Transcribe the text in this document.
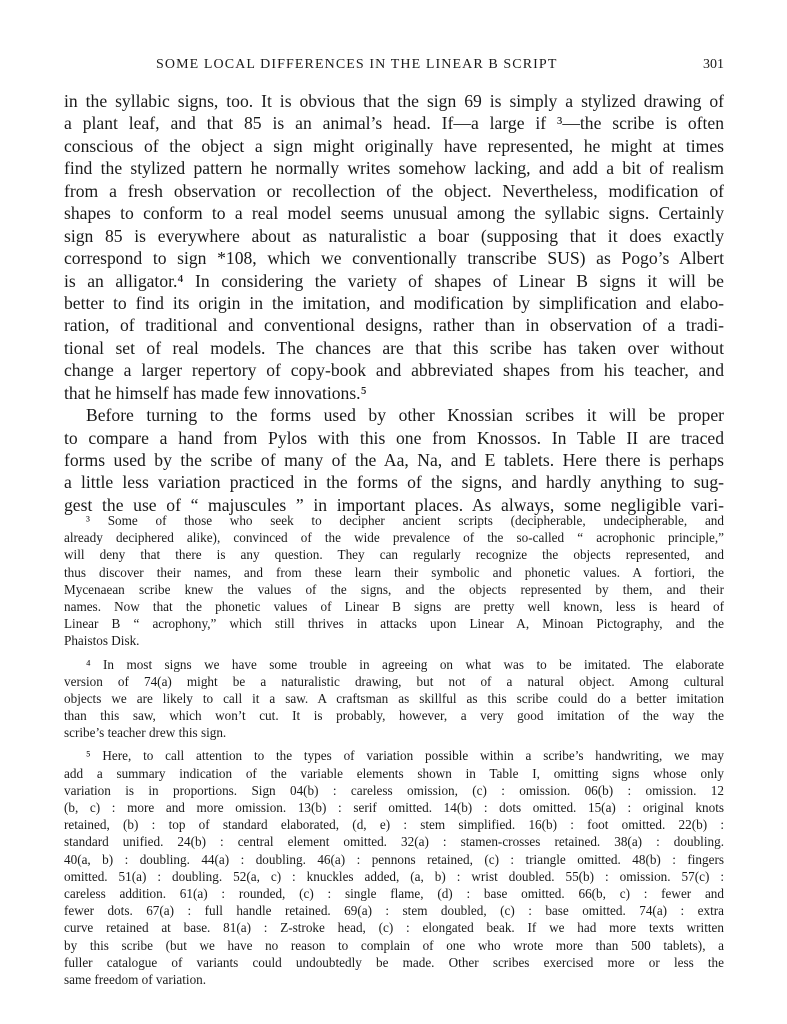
SOME LOCAL DIFFERENCES IN THE LINEAR B SCRIPT	301
in the syllabic signs, too. It is obvious that the sign 69 is simply a stylized drawing of
a plant leaf, and that 85 is an animal’s head. If—a large if ³—the scribe is often
conscious of the object a sign might originally have represented, he might at times
find the stylized pattern he normally writes somehow lacking, and add a bit of realism
from a fresh observation or recollection of the object. Nevertheless, modification of
shapes to conform to a real model seems unusual among the syllabic signs. Certainly
sign 85 is everywhere about as naturalistic a boar (supposing that it does exactly
correspond to sign *108, which we conventionally transcribe SUS) as Pogo’s Albert
is an alligator.⁴ In considering the variety of shapes of Linear B signs it will be
better to find its origin in the imitation, and modification by simplification and elabo-
ration, of traditional and conventional designs, rather than in observation of a tradi-
tional set of real models. The chances are that this scribe has taken over without
change a larger repertory of copy-book and abbreviated shapes from his teacher, and
that he himself has made few innovations.⁵
Before turning to the forms used by other Knossian scribes it will be proper
to compare a hand from Pylos with this one from Knossos. In Table II are traced
forms used by the scribe of many of the Aa, Na, and E tablets. Here there is perhaps
a little less variation practiced in the forms of the signs, and hardly anything to sug-
gest the use of “ majuscules ” in important places. As always, some negligible vari-
³ Some of those who seek to decipher ancient scripts (decipherable, undecipherable, and
already deciphered alike), convinced of the wide prevalence of the so-called “ acrophonic principle,”
will deny that there is any question. They can regularly recognize the objects represented, and
thus discover their names, and from these learn their symbolic and phonetic values. A fortiori, the
Mycenaean scribe knew the values of the signs, and the objects represented by them, and their
names. Now that the phonetic values of Linear B signs are pretty well known, less is heard of
Linear B “ acrophony,” which still thrives in attacks upon Linear A, Minoan Pictography, and the
Phaistos Disk.
⁴ In most signs we have some trouble in agreeing on what was to be imitated. The elaborate
version of 74(a) might be a naturalistic drawing, but not of a natural object. Among cultural
objects we are likely to call it a saw. A craftsman as skillful as this scribe could do a better imitation
than this saw, which won’t cut. It is probably, however, a very good imitation of the way the
scribe’s teacher drew this sign.
⁵ Here, to call attention to the types of variation possible within a scribe’s handwriting, we may
add a summary indication of the variable elements shown in Table I, omitting signs whose only
variation is in proportions. Sign 04(b) : careless omission, (c) : omission. 06(b) : omission. 12
(b, c) : more and more omission. 13(b) : serif omitted. 14(b) : dots omitted. 15(a) : original knots
retained, (b) : top of standard elaborated, (d, e) : stem simplified. 16(b) : foot omitted. 22(b) :
standard unified. 24(b) : central element omitted. 32(a) : stamen-crosses retained. 38(a) : doubling.
40(a, b) : doubling. 44(a) : doubling. 46(a) : pennons retained, (c) : triangle omitted. 48(b) : fingers
omitted. 51(a) : doubling. 52(a, c) : knuckles added, (a, b) : wrist doubled. 55(b) : omission. 57(c) :
careless addition. 61(a) : rounded, (c) : single flame, (d) : base omitted. 66(b, c) : fewer and
fewer dots. 67(a) : full handle retained. 69(a) : stem doubled, (c) : base omitted. 74(a) : extra
curve retained at base. 81(a) : Z-stroke head, (c) : elongated beak. If we had more texts written
by this scribe (but we have no reason to complain of one who wrote more than 500 tablets), a
fuller catalogue of variants could undoubtedly be made. Other scribes exercised more or less the
same freedom of variation.
